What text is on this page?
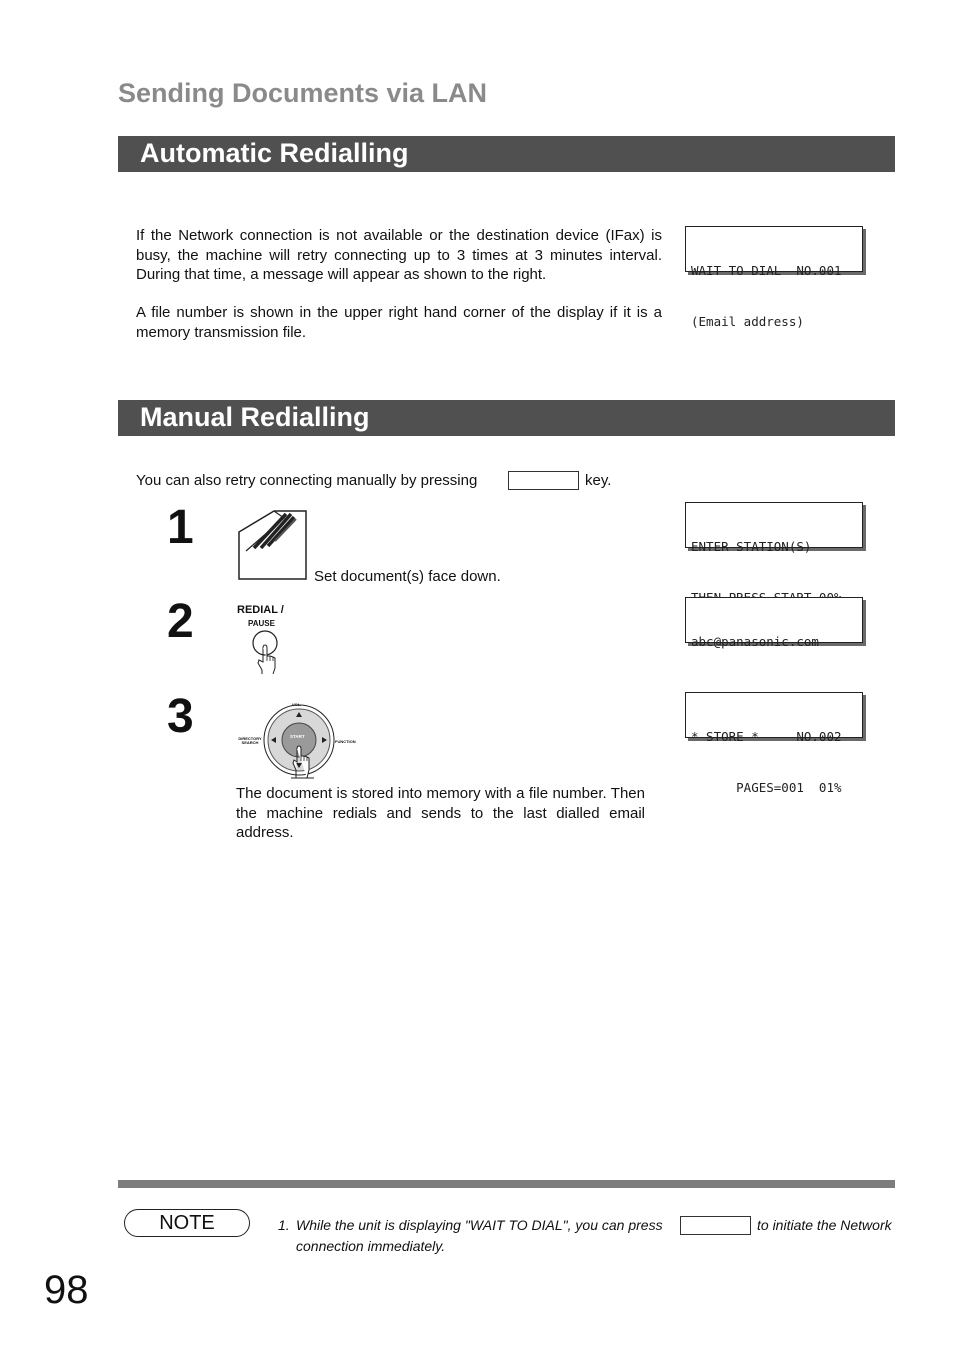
Sending Documents via LAN
Automatic Redialling

If the Network connection is not available or the destination device (IFax) is busy, the machine will retry connecting up to 3 times at 3 minutes interval. During that time, a message will appear as shown to the right.

A file number is shown in the upper right hand corner of the display if it is a memory transmission file.

WAIT TO DIAL  NO.001

(Email address)

Manual Redialling
You can also retry connecting manually by pressing	key.
1
Set document(s) face down.

ENTER STATION(S)

2	REDIAL /
PAUSE

abc@panasonic.com

3	VOL.
DIRECTORY
SEARCH	FUNCTION
START

The document is stored into memory with a file number. Then the machine redials and sends to the last dialled email address.

* STORE *     NO.002

PAGES=001  01%

NOTE	1. While the unit is displaying "WAIT TO DIAL", you can press	to initiate the Network
connection immediately.
98
